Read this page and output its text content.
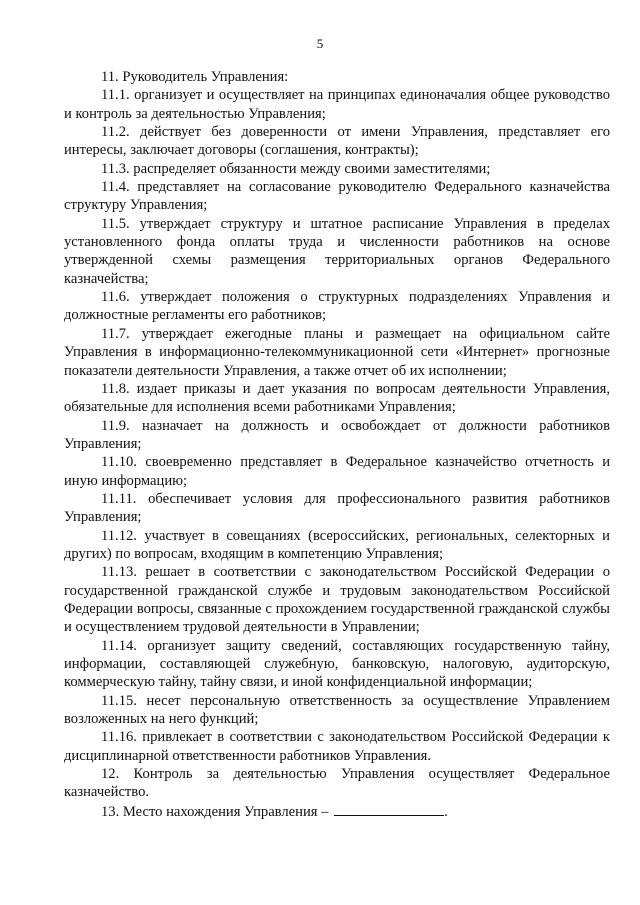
5

11. Руководитель Управления:

11.1. организует и осуществляет на принципах единоначалия общее руководство и контроль за деятельностью Управления;

11.2. действует без доверенности от имени Управления, представляет его интересы, заключает договоры (соглашения, контракты);

11.3. распределяет обязанности между своими заместителями;

11.4. представляет на согласование руководителю Федерального казначейства структуру Управления;

11.5. утверждает структуру и штатное расписание Управления в пределах установленного фонда оплаты труда и численности работников на основе утвержденной схемы размещения территориальных органов Федерального казначейства;

11.6. утверждает положения о структурных подразделениях Управления и должностные регламенты его работников;

11.7. утверждает ежегодные планы и размещает на официальном сайте Управления в информационно-телекоммуникационной сети «Интернет» прогнозные показатели деятельности Управления, а также отчет об их исполнении;

11.8. издает приказы и дает указания по вопросам деятельности Управления, обязательные для исполнения всеми работниками Управления;

11.9. назначает на должность и освобождает от должности работников Управления;

11.10. своевременно представляет в Федеральное казначейство отчетность и иную информацию;

11.11. обеспечивает условия для профессионального развития работников Управления;

11.12. участвует в совещаниях (всероссийских, региональных, селекторных и других) по вопросам, входящим в компетенцию Управления;

11.13. решает в соответствии с законодательством Российской Федерации о государственной гражданской службе и трудовым законодательством Российской Федерации вопросы, связанные с прохождением государственной гражданской службы и осуществлением трудовой деятельности в Управлении;

11.14. организует защиту сведений, составляющих государственную тайну, информации, составляющей служебную, банковскую, налоговую, аудиторскую, коммерческую тайну, тайну связи, и иной конфиденциальной информации;

11.15. несет персональную ответственность за осуществление Управлением возложенных на него функций;

11.16. привлекает в соответствии с законодательством Российской Федерации к дисциплинарной ответственности работников Управления.

12. Контроль за деятельностью Управления осуществляет Федеральное казначейство.

13. Место нахождения Управления –	.
